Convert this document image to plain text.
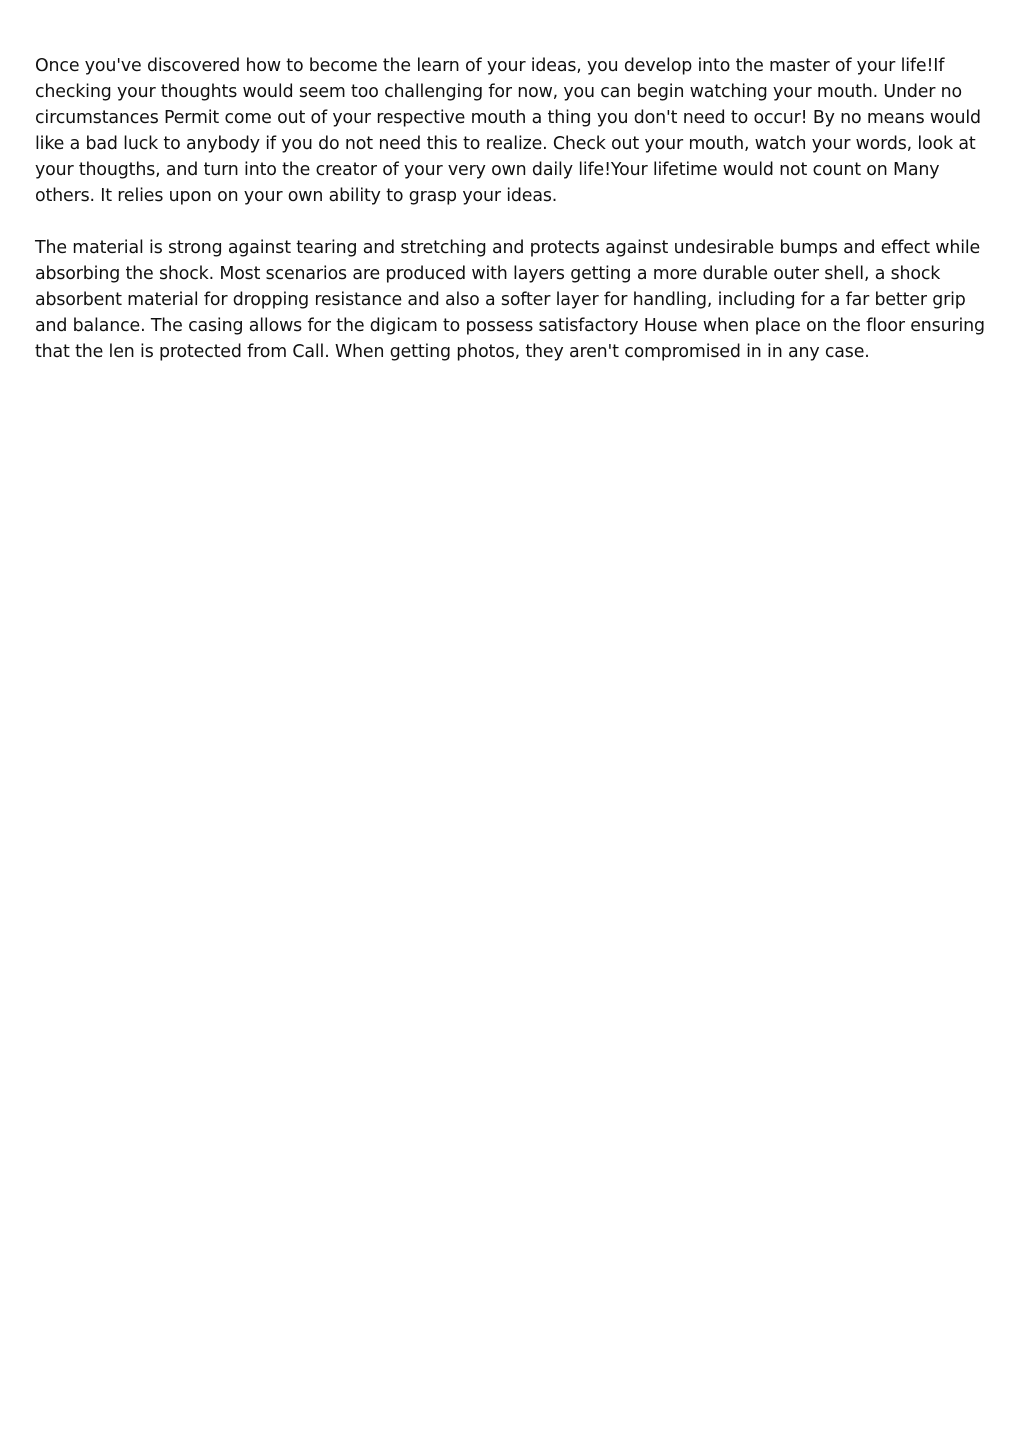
Once you've discovered how to become the learn of your ideas, you develop into the master of your life!If checking your thoughts would seem too challenging for now, you can begin watching your mouth. Under no circumstances Permit come out of your respective mouth a thing you don't need to occur! By no means would like a bad luck to anybody if you do not need this to realize. Check out your mouth, watch your words, look at your thougths, and turn into the creator of your very own daily life!Your lifetime would not count on Many others. It relies upon on your own ability to grasp your ideas.

The material is strong against tearing and stretching and protects against undesirable bumps and effect while absorbing the shock. Most scenarios are produced with layers getting a more durable outer shell, a shock absorbent material for dropping resistance and also a softer layer for handling, including for a far better grip and balance. The casing allows for the digicam to possess satisfactory House when place on the floor ensuring that the len is protected from Call. When getting photos, they aren't compromised in in any case.
